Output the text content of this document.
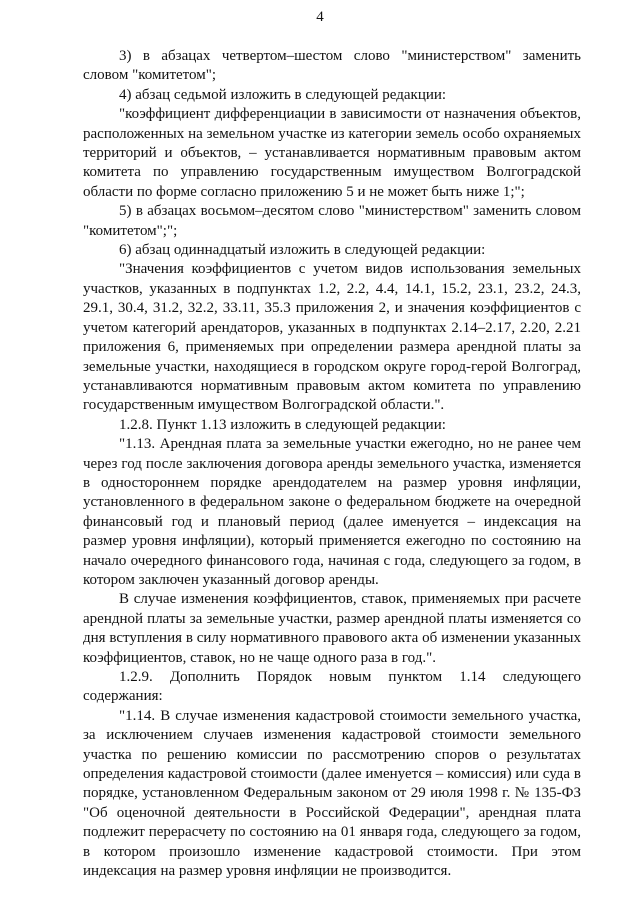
4

3) в абзацах четвертом–шестом слово "министерством" заменить словом "комитетом";

4) абзац седьмой изложить в следующей редакции:

"коэффициент дифференциации в зависимости от назначения объектов, расположенных на земельном участке из категории земель особо охраняемых территорий и объектов, – устанавливается нормативным правовым актом комитета по управлению государственным имуществом Волгоградской области по форме согласно приложению 5 и не может быть ниже 1;";

5) в абзацах восьмом–десятом слово "министерством" заменить словом "комитетом";";

6) абзац одиннадцатый изложить в следующей редакции:

"Значения коэффициентов с учетом видов использования земельных участков, указанных в подпунктах 1.2, 2.2, 4.4, 14.1, 15.2, 23.1, 23.2, 24.3, 29.1, 30.4, 31.2, 32.2, 33.11, 35.3 приложения 2, и значения коэффициентов с учетом категорий арендаторов, указанных в подпунктах 2.14–2.17, 2.20, 2.21 приложения 6, применяемых при определении размера арендной платы за земельные участки, находящиеся в городском округе город-герой Волгоград, устанавливаются нормативным правовым актом комитета по управлению государственным имуществом Волгоградской области.".

1.2.8. Пункт 1.13 изложить в следующей редакции:

"1.13. Арендная плата за земельные участки ежегодно, но не ранее чем через год после заключения договора аренды земельного участка, изменяется в одностороннем порядке арендодателем на размер уровня инфляции, установленного в федеральном законе о федеральном бюджете на очередной финансовый год и плановый период (далее именуется – индексация на размер уровня инфляции), который применяется ежегодно по состоянию на начало очередного финансового года, начиная с года, следующего за годом, в котором заключен указанный договор аренды.

В случае изменения коэффициентов, ставок, применяемых при расчете арендной платы за земельные участки, размер арендной платы изменяется со дня вступления в силу нормативного правового акта об изменении указанных коэффициентов, ставок, но не чаще одного раза в год.".

1.2.9. Дополнить Порядок новым пунктом 1.14 следующего содержания:

"1.14. В случае изменения кадастровой стоимости земельного участка, за исключением случаев изменения кадастровой стоимости земельного участка по решению комиссии по рассмотрению споров о результатах определения кадастровой стоимости (далее именуется – комиссия) или суда в порядке, установленном Федеральным законом от 29 июля 1998 г. № 135-ФЗ "Об оценочной деятельности в Российской Федерации", арендная плата подлежит перерасчету по состоянию на 01 января года, следующего за годом, в котором произошло изменение кадастровой стоимости. При этом индексация на размер уровня инфляции не производится.
